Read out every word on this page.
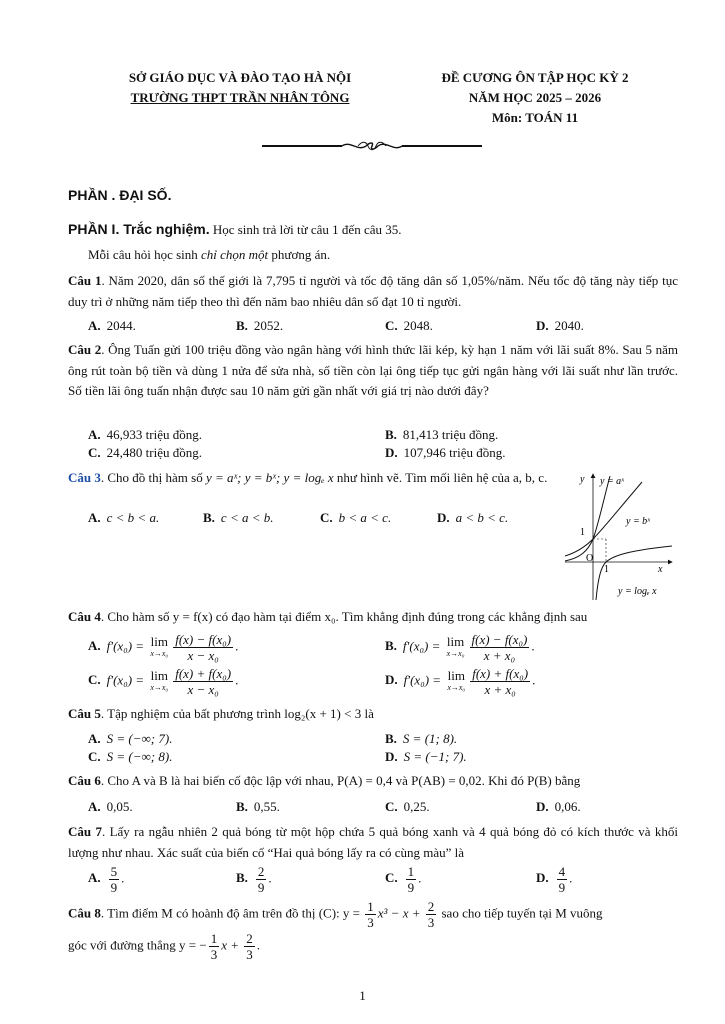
SỞ GIÁO DỤC VÀ ĐÀO TẠO HÀ NỘI
TRƯỜNG THPT TRẦN NHÂN TÔNG
ĐỀ CƯƠNG ÔN TẬP HỌC KỲ 2
NĂM HỌC 2025 – 2026
Môn: TOÁN 11
PHẦN . ĐẠI SỐ.
PHẦN I. Trắc nghiệm. Học sinh trả lời từ câu 1 đến câu 35.
Mỗi câu hỏi học sinh chỉ chọn một phương án.
Câu 1. Năm 2020, dân số thế giới là 7,795 tỉ người và tốc độ tăng dân số 1,05%/năm. Nếu tốc độ tăng này tiếp tục duy trì ở những năm tiếp theo thì đến năm bao nhiêu dân số đạt 10 tỉ người.
A. 2044.	B. 2052.	C. 2048.	D. 2040.
Câu 2. Ông Tuấn gửi 100 triệu đồng vào ngân hàng với hình thức lãi kép, kỳ hạn 1 năm với lãi suất 8%. Sau 5 năm ông rút toàn bộ tiền và dùng 1 nửa để sửa nhà, số tiền còn lại ông tiếp tục gửi ngân hàng với lãi suất như lần trước. Số tiền lãi ông tuấn nhận được sau 10 năm gửi gần nhất với giá trị nào dưới đây?
A. 46,933 triệu đồng.	B. 81,413 triệu đồng.
C. 24,480 triệu đồng.	D. 107,946 triệu đồng.
Câu 3. Cho đồ thị hàm số y = aˣ; y = bˣ; y = logₑ x như hình vẽ. Tìm mối liên hệ của a, b, c.
A. c < b < a.	B. c < a < b.	C. b < a < c.	D. a < b < c.
y
x
y = aˣ
y = bˣ
y = logₑ x
1
1
O
Câu 4. Cho hàm số y = f(x) có đạo hàm tại điểm x₀. Tìm khẳng định đúng trong các khẳng định sau
A. f′(x₀) = lim
$x\to x_0 \frac{\text{f(x) − f(x₀)}}{\text{x − x₀}}$ .	B. f′(x₀) = lim
$x\to x_0 \frac{\text{f(x) − f(x₀)}}{\text{x + x₀}}$ .
C. f′(x₀) = lim
$x\to x_0 \frac{\text{f(x) + f(x₀)}}{\text{x − x₀}}$ .	D. f′(x₀) = lim
$x\to x_0 \frac{\text{f(x) + f(x₀)}}{\text{x + x₀}}$ .
Câu 5. Tập nghiệm của bất phương trình log₂(x + 1) < 3 là
A. S = (−∞; 7).	B. S = (1; 8).
C. S = (−∞; 8).	D. S = (−1; 7).
Câu 6. Cho A và B là hai biến cố độc lập với nhau, P(A) = 0,4 và P(AB) = 0,02. Khi đó P(B) bằng
A. 0,05.	B. 0,55.	C. 0,25.	D. 0,06.
Câu 7. Lấy ra ngẫu nhiên 2 quả bóng từ một hộp chứa 5 quả bóng xanh và 4 quả bóng đỏ có kích thước và khối lượng như nhau. Xác suất của biến cố “Hai quả bóng lấy ra có cùng màu” là
A. $\frac{5}{9}$ .	B. $\frac{2}{9}$ .	C. $\frac{1}{9}$ .	D. $\frac{4}{9}$ .
Câu 8. Tìm điểm M có hoành độ âm trên đồ thị (C): $y = \frac{1}{3} x^3 - x + \frac{2}{3}$ sao cho tiếp tuyến tại M vuông
góc với đường thẳng y = − $\frac{1}{3}$ $x + \frac{2}{3}$ .
1
